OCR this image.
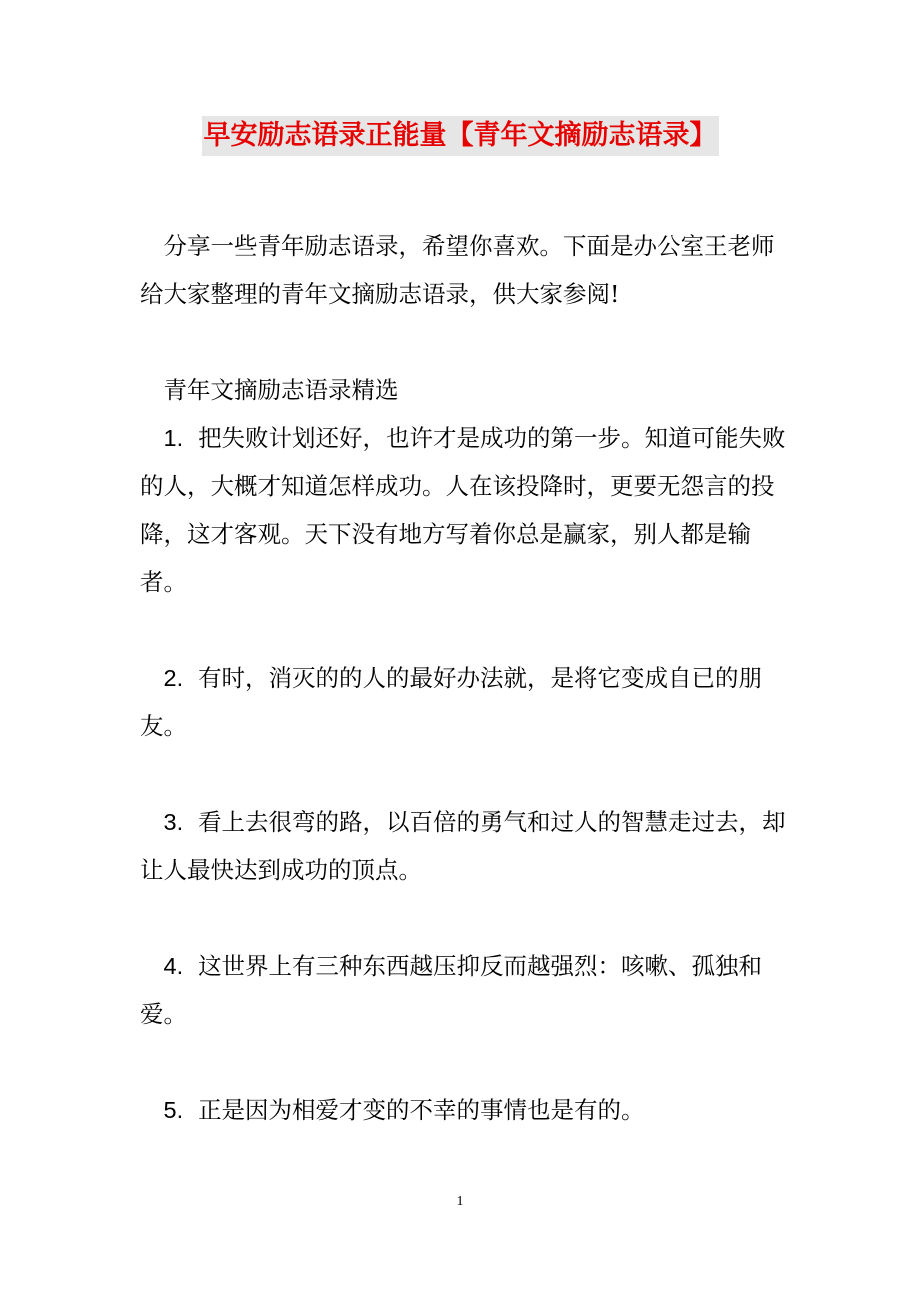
早安励志语录正能量【青年文摘励志语录】

分享一些青年励志语录，希望你喜欢。下面是办公室王老师给大家整理的青年文摘励志语录，供大家参阅!

青年文摘励志语录精选

1. 把失败计划还好，也许才是成功的第一步。知道可能失败的人，大概才知道怎样成功。人在该投降时，更要无怨言的投降，这才客观。天下没有地方写着你总是赢家，别人都是输者。

2. 有时，消灭的的人的最好办法就，是将它变成自已的朋友。

3. 看上去很弯的路，以百倍的勇气和过人的智慧走过去，却让人最快达到成功的顶点。

4. 这世界上有三种东西越压抑反而越强烈：咳嗽、孤独和爱。

5. 正是因为相爱才变的不幸的事情也是有的。

1
